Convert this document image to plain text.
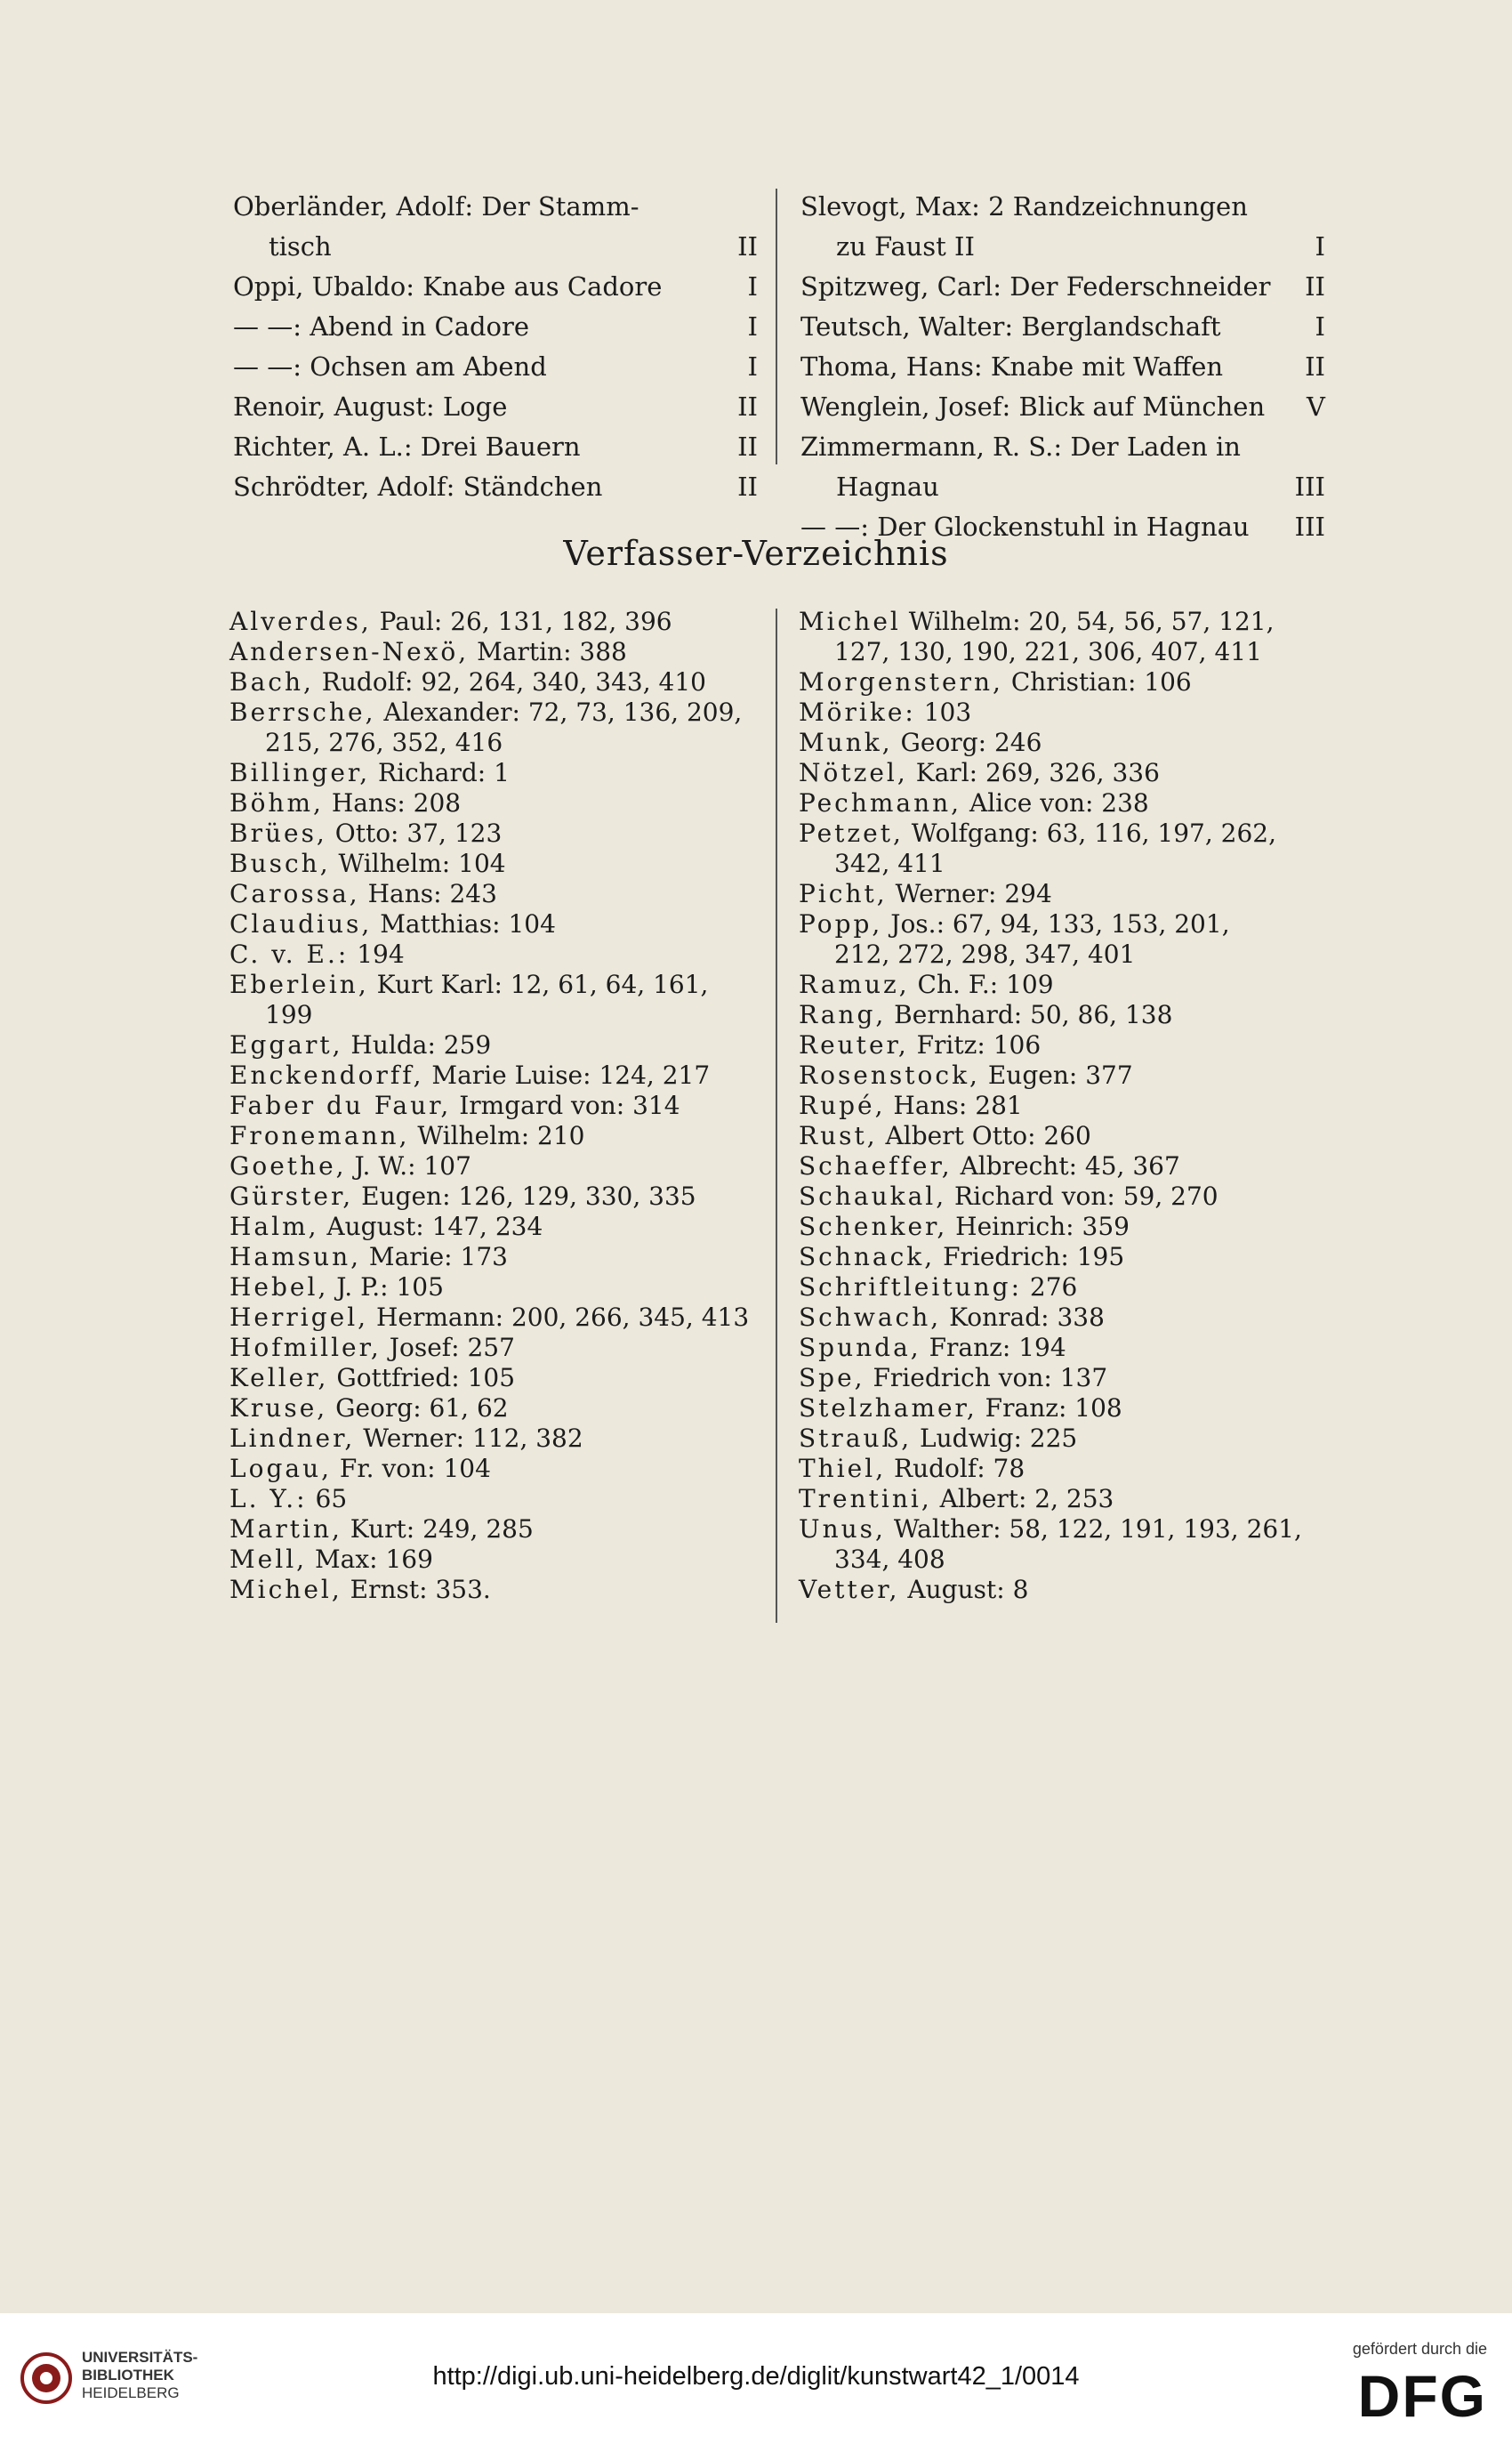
Oberländer, Adolf: Der Stamm-
tisch	II
Oppi, Ubaldo: Knabe aus Cadore	I
— —: Abend in Cadore	I
— —: Ochsen am Abend	I
Renoir, August: Loge	II
Richter, A. L.: Drei Bauern	II
Schrödter, Adolf: Ständchen	II
Slevogt, Max: 2 Randzeichnungen
zu Faust II	I
Spitzweg, Carl: Der Federschneider II
Teutsch, Walter: Berglandschaft	I
Thoma, Hans: Knabe mit Waffen	II
Wenglein, Josef: Blick auf München V
Zimmermann, R. S.: Der Laden in
Hagnau	III
— —: Der Glockenstuhl in Hagnau III
Verfasser-Verzeichnis
Alverdes, Paul: 26, 131, 182, 396
Andersen-Nexö, Martin: 388
Bach, Rudolf: 92, 264, 340, 343, 410
Berrsche, Alexander: 72, 73, 136, 209,
215, 276, 352, 416
Billinger, Richard: 1
Böhm, Hans: 208
Brües, Otto: 37, 123
Busch, Wilhelm: 104
Carossa, Hans: 243
Claudius, Matthias: 104
C. v. E.: 194
Eberlein, Kurt Karl: 12, 61, 64, 161,
199
Eggart, Hulda: 259
Enckendorff, Marie Luise: 124, 217
Faber du Faur, Irmgard von: 314
Fronemann, Wilhelm: 210
Goethe, J. W.: 107
Gürster, Eugen: 126, 129, 330, 335
Halm, August: 147, 234
Hamsun, Marie: 173
Hebel, J. P.: 105
Herrigel, Hermann: 200, 266, 345, 413
Hofmiller, Josef: 257
Keller, Gottfried: 105
Kruse, Georg: 61, 62
Lindner, Werner: 112, 382
Logau, Fr. von: 104
L. Y.: 65
Martin, Kurt: 249, 285
Mell, Max: 169
Michel, Ernst: 353.
Michel Wilhelm: 20, 54, 56, 57, 121,
127, 130, 190, 221, 306, 407, 411
Morgenstern, Christian: 106
Mörike: 103
Munk, Georg: 246
Nötzel, Karl: 269, 326, 336
Pechmann, Alice von: 238
Petzet, Wolfgang: 63, 116, 197, 262,
342, 411
Picht, Werner: 294
Popp, Jos.: 67, 94, 133, 153, 201,
212, 272, 298, 347, 401
Ramuz, Ch. F.: 109
Rang, Bernhard: 50, 86, 138
Reuter, Fritz: 106
Rosenstock, Eugen: 377
Rupé, Hans: 281
Rust, Albert Otto: 260
Schaeffer, Albrecht: 45, 367
Schaukal, Richard von: 59, 270
Schenker, Heinrich: 359
Schnack, Friedrich: 195
Schriftleitung: 276
Schwach, Konrad: 338
Spunda, Franz: 194
Spe, Friedrich von: 137
Stelzhamer, Franz: 108
Strauß, Ludwig: 225
Thiel, Rudolf: 78
Trentini, Albert: 2, 253
Unus, Walther: 58, 122, 191, 193, 261,
334, 408
Vetter, August: 8
UNIVERSITÄTS-
BIBLIOTHEK
HEIDELBERG
http://digi.ub.uni-heidelberg.de/diglit/kunstwart42_1/0014
gefördert durch die
DFG
